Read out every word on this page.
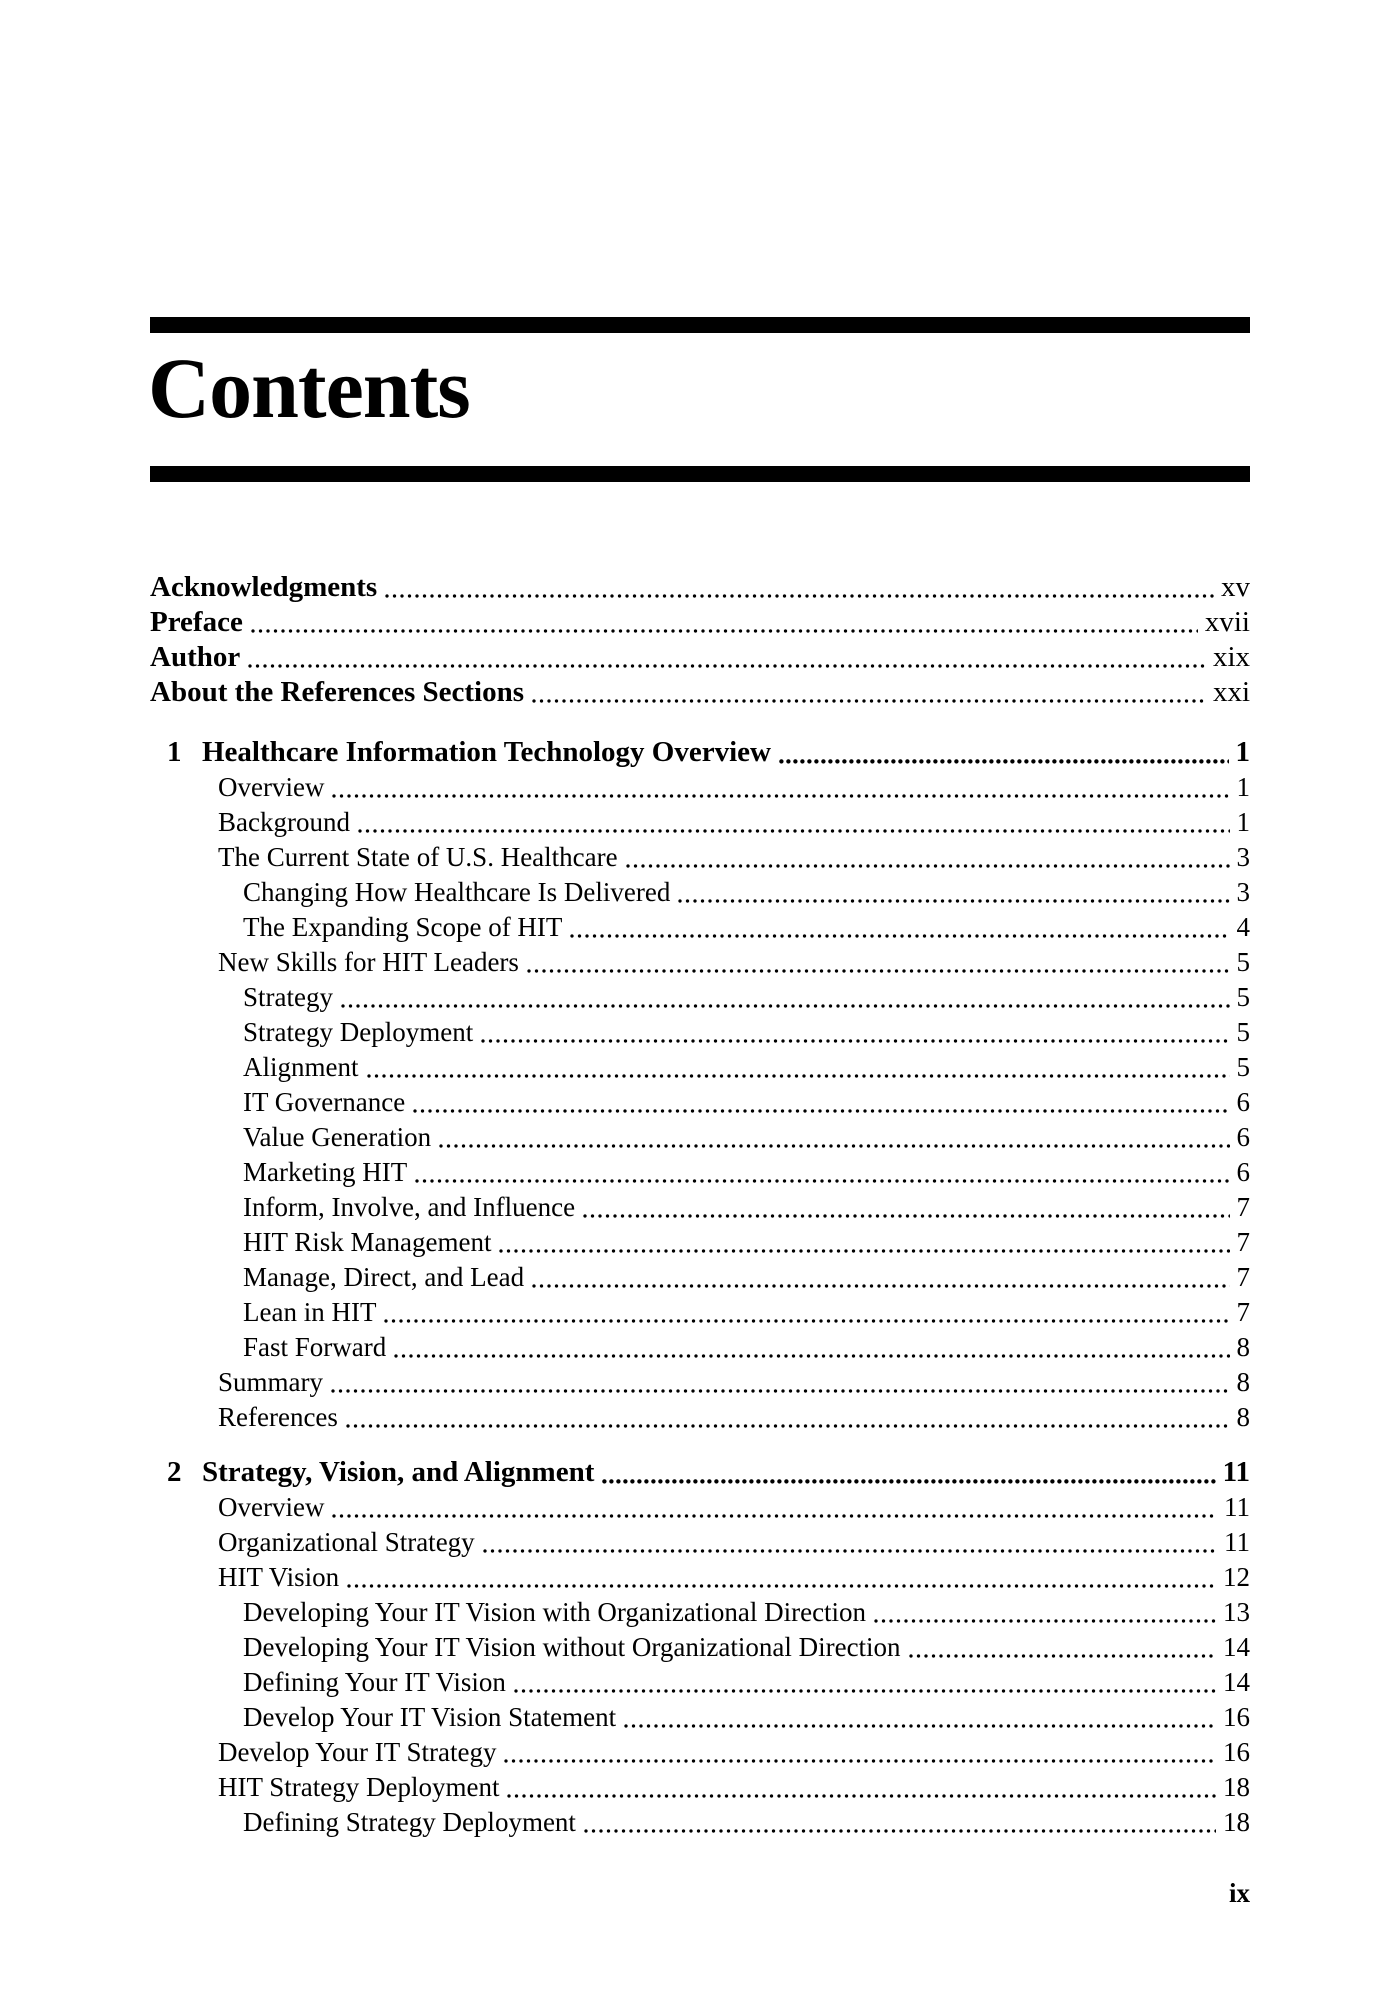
Contents
Acknowledgments	xv
Preface	xvii
Author	xix
About the References Sections	xxi
1 Healthcare Information Technology Overview	1
Overview	1
Background	1
The Current State of U.S. Healthcare	3
Changing How Healthcare Is Delivered	3
The Expanding Scope of HIT	4
New Skills for HIT Leaders	5
Strategy	5
Strategy Deployment	5
Alignment	5
IT Governance	6
Value Generation	6
Marketing HIT	6
Inform, Involve, and Influence	7
HIT Risk Management	7
Manage, Direct, and Lead	7
Lean in HIT	7
Fast Forward	8
Summary	8
References	8
2 Strategy, Vision, and Alignment	11
Overview	11
Organizational Strategy	11
HIT Vision	12
Developing Your IT Vision with Organizational Direction	13
Developing Your IT Vision without Organizational Direction	14
Defining Your IT Vision	14
Develop Your IT Vision Statement	16
Develop Your IT Strategy	16
HIT Strategy Deployment	18
Defining Strategy Deployment	18
ix
